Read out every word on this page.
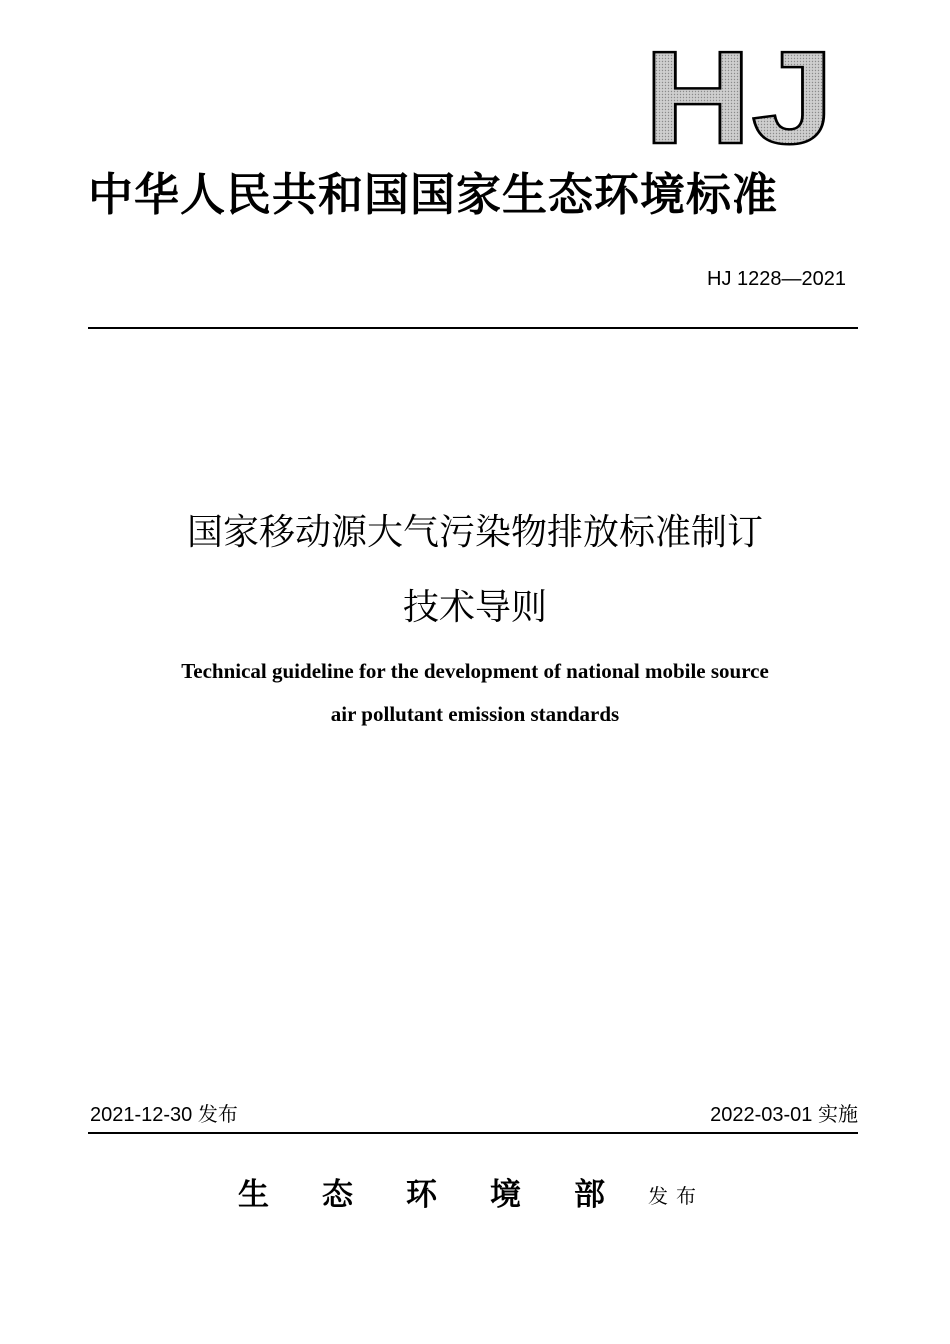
HJ
中华人民共和国国家生态环境标准
HJ 1228—2021
国家移动源大气污染物排放标准制订
技术导则
Technical guideline for the development of national mobile source
air pollutant emission standards
2021-12-30 发布	2022-03-01 实施
生态环境部
发布
